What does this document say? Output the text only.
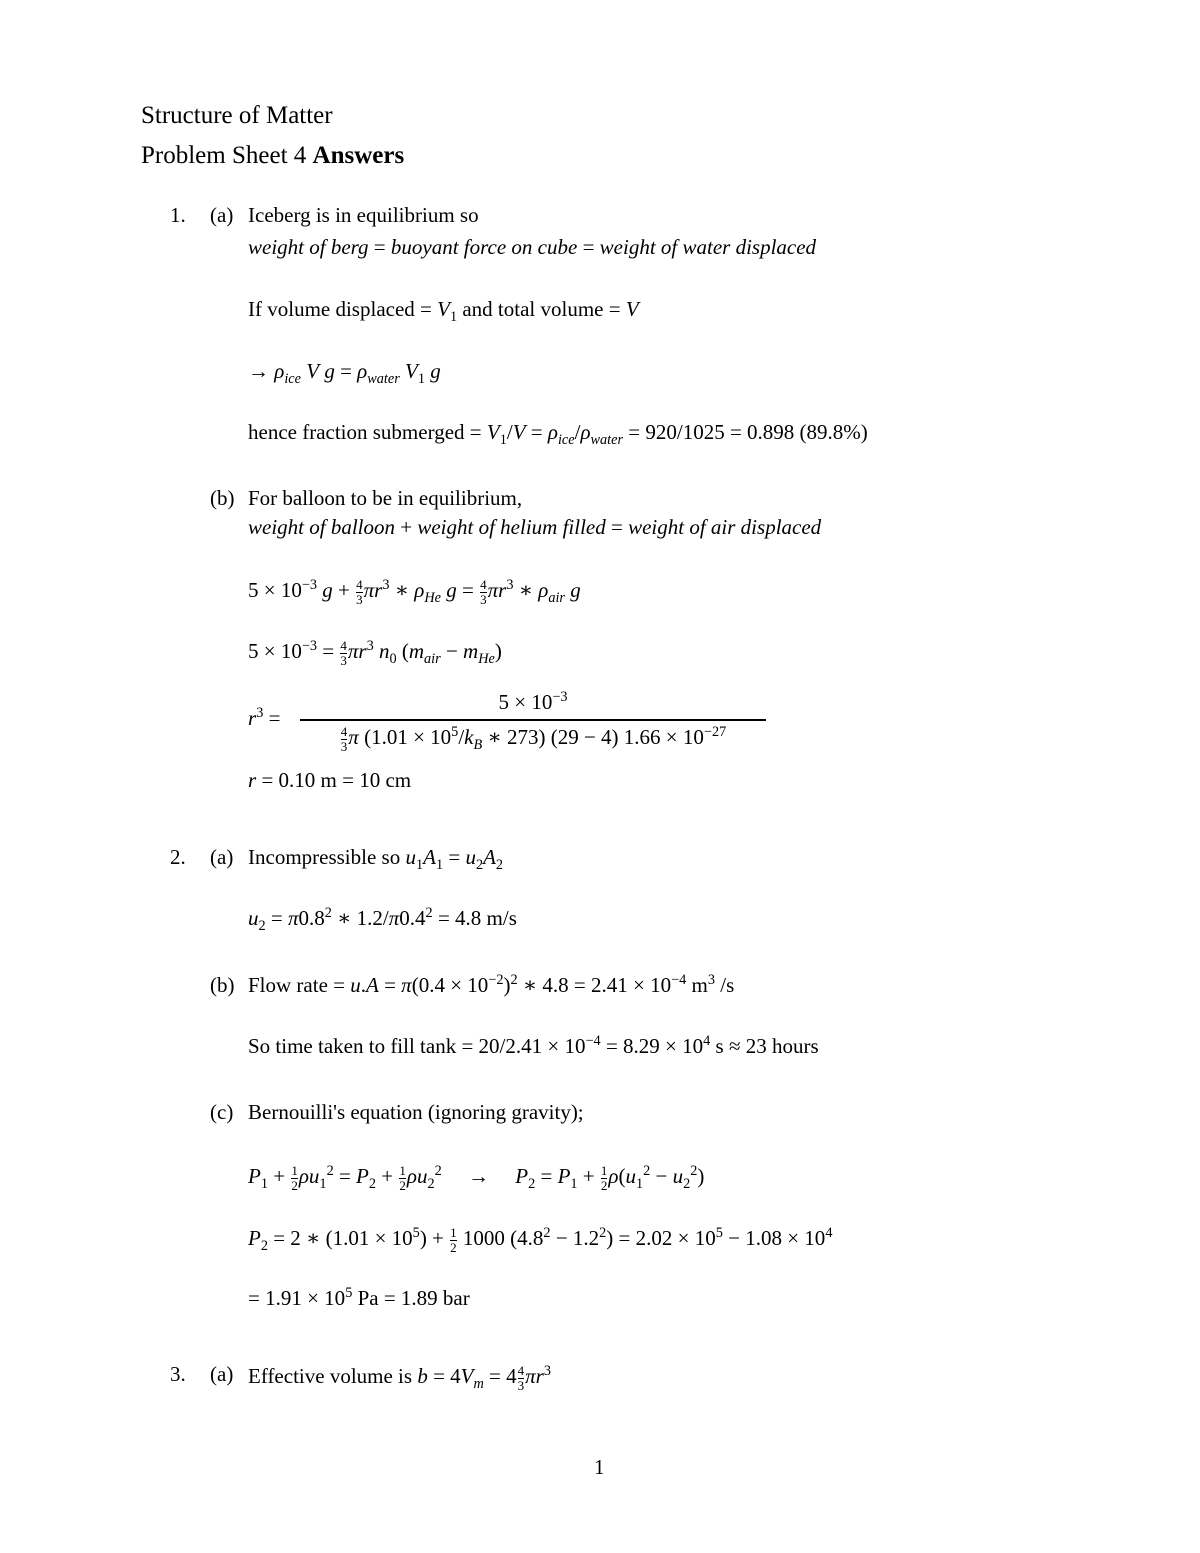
Structure of Matter
Problem Sheet 4 Answers
1. (a) Iceberg is in equilibrium so
weight of berg = buoyant force on cube = weight of water displaced
If volume displaced = $V_1$ and total volume = V
→ $\rho_{ice}$ V $g = \rho_{water}$ $V_1$ g
hence fraction submerged = $V_1/V = \rho_{ice}/\rho_{water} = 920/1025 = 0.898$ (89.8%)
(b) For balloon to be in equilibrium,
weight of balloon + weight of helium filled = weight of air displaced
$5 \times 10^{-3}$ $g + \frac{4}{3} \pi r^3$ ∗ $\rho_{He}$ $g = \frac{4}{3} \pi r^3$ ∗ $\rho_{air}$ g
$5 \times 10^{-3} = \frac{4}{3} \pi r^3$ $n_0$ $(m_{air} - m_{He})$
$r^3$ =
$5 \times 10^{-3}$
$\frac{4}{3}$ π ($1.01 \times 10^5/k_B$ ∗ 273) (29 − 4) $1.66 \times 10^{-27}$
r = 0.10 m = 10 cm
2. (a) Incompressible so $u_1A_1 = u_2A_2$
$u_2 = \pi 0.8^2$ ∗ $1.2/\pi 0.4^2 = 4.8$ m/s
(b) Flow rate = $u.A = \pi(0.4 \times 10^{-2})^2$ ∗ $4.8 = 2.41 \times 10^{-4}$ $m^3$ /s
So time taken to fill $\tan k = 20/2.41 \times 10^{-4} = 8.29 \times 10^4$ s ≈ 23 hours
(c) Bernouilli's equation (ignoring gravity);
$P_1 + \frac{1}{2} \rho u_1^2 = P_2 + \frac{1}{2} \rho u_2^2$     →     $P_2 = P_1 + \frac{1}{2} \rho(u_1^2 - u_2^2)$
$P_2 = 2$ ∗ $(1.01 \times 10^5) + \frac{1}{2} 1000$ $(4.8^2 - 1.2^2) = 2.02 \times 10^5 - 1.08 \times 10^4$
= $1.91 \times 10^5$ Pa = 1.89 bar
3. (a) Effective volume is $b = 4V_m = 4 \frac{4}{3} \pi r^3$
1
